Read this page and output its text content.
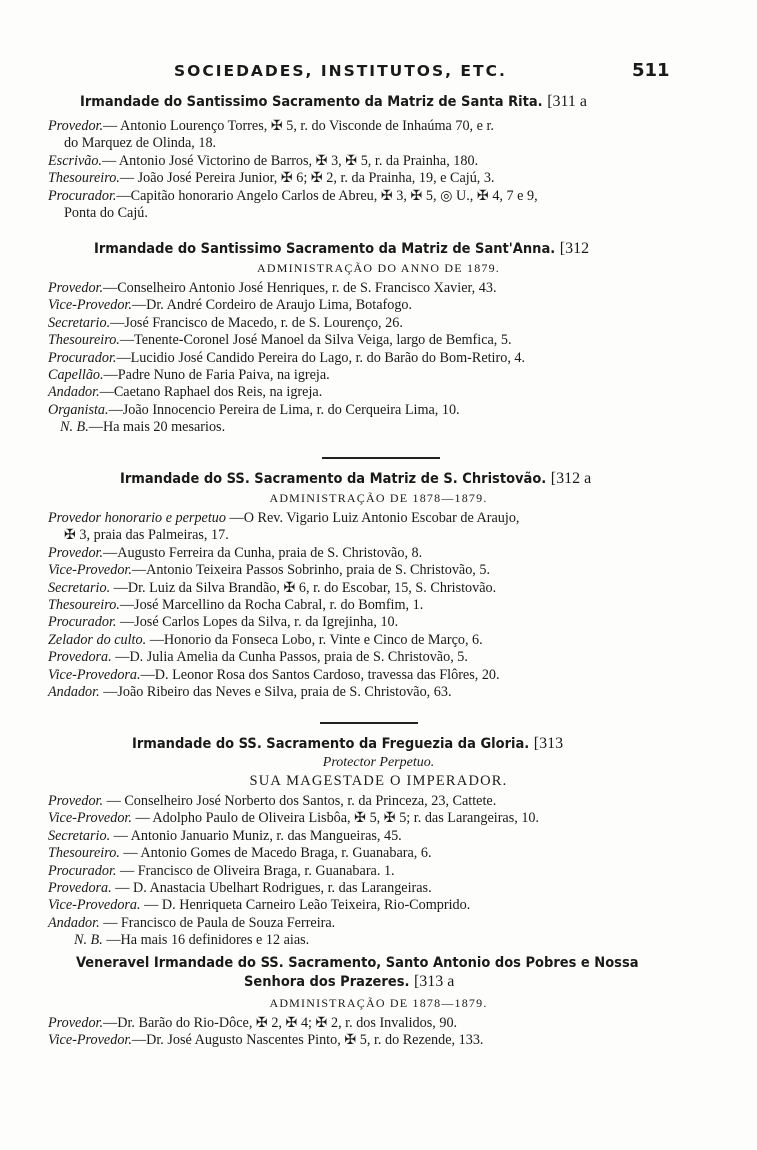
SOCIEDADES, INSTITUTOS, ETC.	511
Irmandade do Santissimo Sacramento da Matriz de Santa Rita. [311 a
Provedor.— Antonio Lourenço Torres, ✠ 5, r. do Visconde de Inhaúma 70, e r.
do Marquez de Olinda, 18.
Escrivão.— Antonio José Victorino de Barros, ✠ 3, ✠ 5, r. da Prainha, 180.
Thesoureiro.— João José Pereira Junior, ✠ 6; ✠ 2, r. da Prainha, 19, e Cajú, 3.
Procurador.—Capitão honorario Angelo Carlos de Abreu, ✠ 3, ✠ 5, ◎ U., ✠ 4, 7 e 9,
Ponta do Cajú.
Irmandade do Santissimo Sacramento da Matriz de Sant'Anna. [312
ADMINISTRAÇÃO DO ANNO DE 1879.
Provedor.—Conselheiro Antonio José Henriques, r. de S. Francisco Xavier, 43.
Vice-Provedor.—Dr. André Cordeiro de Araujo Lima, Botafogo.
Secretario.—José Francisco de Macedo, r. de S. Lourenço, 26.
Thesoureiro.—Tenente-Coronel José Manoel da Silva Veiga, largo de Bemfica, 5.
Procurador.—Lucidio José Candido Pereira do Lago, r. do Barão do Bom-Retiro, 4.
Capellão.—Padre Nuno de Faria Paiva, na igreja.
Andador.—Caetano Raphael dos Reis, na igreja.
Organista.—João Innocencio Pereira de Lima, r. do Cerqueira Lima, 10.
N. B.—Ha mais 20 mesarios.
Irmandade do SS. Sacramento da Matriz de S. Christovão. [312 a
ADMINISTRAÇÃO DE 1878—1879.
Provedor honorario e perpetuo —O Rev. Vigario Luiz Antonio Escobar de Araujo,
✠ 3, praia das Palmeiras, 17.
Provedor.—Augusto Ferreira da Cunha, praia de S. Christovão, 8.
Vice-Provedor.—Antonio Teixeira Passos Sobrinho, praia de S. Christovão, 5.
Secretario. —Dr. Luiz da Silva Brandão, ✠ 6, r. do Escobar, 15, S. Christovão.
Thesoureiro.—José Marcellino da Rocha Cabral, r. do Bomfim, 1.
Procurador. —José Carlos Lopes da Silva, r. da Igrejinha, 10.
Zelador do culto. —Honorio da Fonseca Lobo, r. Vinte e Cinco de Março, 6.
Provedora. —D. Julia Amelia da Cunha Passos, praia de S. Christovão, 5.
Vice-Provedora.—D. Leonor Rosa dos Santos Cardoso, travessa das Flôres, 20.
Andador. —João Ribeiro das Neves e Silva, praia de S. Christovão, 63.
Irmandade do SS. Sacramento da Freguezia da Gloria. [313
Protector Perpetuo.
SUA MAGESTADE O IMPERADOR.
Provedor. — Conselheiro José Norberto dos Santos, r. da Princeza, 23, Cattete.
Vice-Provedor. — Adolpho Paulo de Oliveira Lisbôa, ✠ 5, ✠ 5; r. das Larangeiras, 10.
Secretario. — Antonio Januario Muniz, r. das Mangueiras, 45.
Thesoureiro. — Antonio Gomes de Macedo Braga, r. Guanabara, 6.
Procurador. — Francisco de Oliveira Braga, r. Guanabara. 1.
Provedora. — D. Anastacia Ubelhart Rodrigues, r. das Larangeiras.
Vice-Provedora. — D. Henriqueta Carneiro Leão Teixeira, Rio-Comprido.
Andador. — Francisco de Paula de Souza Ferreira.
N. B. —Ha mais 16 definidores e 12 aias.
Veneravel Irmandade do SS. Sacramento, Santo Antonio dos Pobres e Nossa
Senhora dos Prazeres. [313 a
ADMINISTRAÇÃO DE 1878—1879.
Provedor.—Dr. Barão do Rio-Dôce, ✠ 2, ✠ 4; ✠ 2, r. dos Invalidos, 90.
Vice-Provedor.—Dr. José Augusto Nascentes Pinto, ✠ 5, r. do Rezende, 133.
